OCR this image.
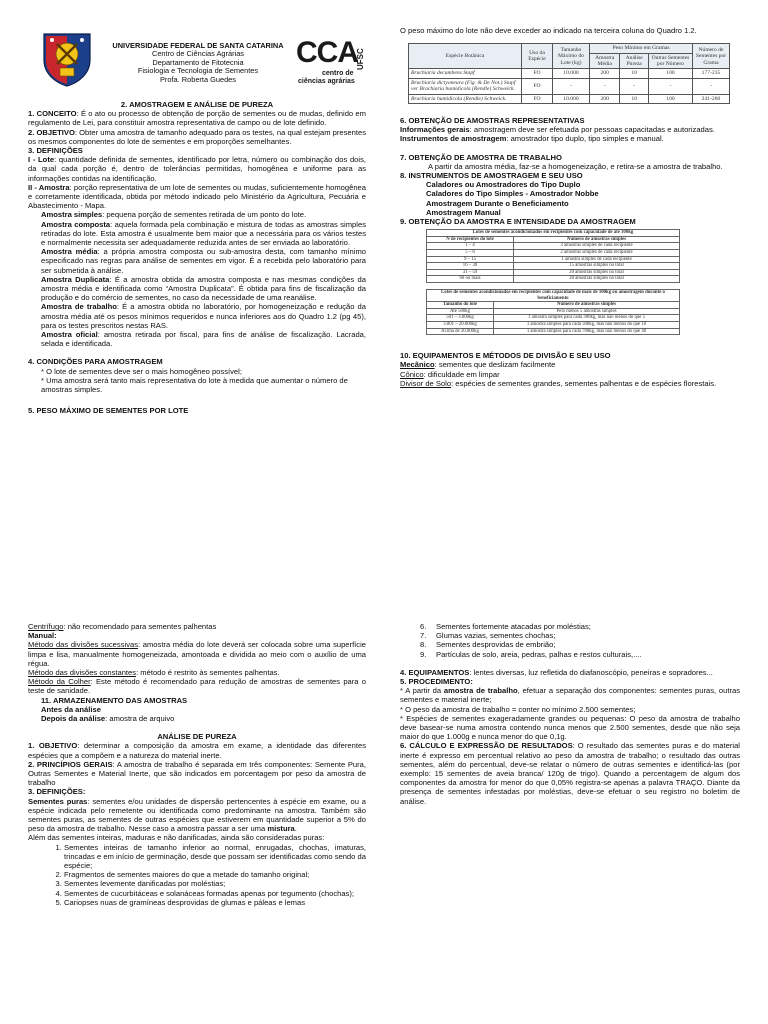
UNIVERSIDADE FEDERAL DE SANTA CATARINA

Centro de Ciências Agrárias

Departamento de Fitotecnia

Fisiologia e Tecnologia de Sementes

Profa. Roberta Guedes

CCA
UFSC
centro de
ciências agrárias

2. AMOSTRAGEM E ANÁLISE DE PUREZA

1. CONCEITO: É o ato ou processo de obtenção de porção de sementes ou de mudas, definido em regulamento de Lei, para constituir amostra representativa de campo ou de lote definido.

2. OBJETIVO: Obter uma amostra de tamanho adequado para os testes, na qual estejam presentes os mesmos componentes do lote de sementes e em proporções semelhantes.

3. DEFINIÇÕES

I - Lote: quantidade definida de sementes, identificado por letra, número ou combinação dos dois, da qual cada porção é, dentro de tolerâncias permitidas, homogênea e uniforme para as informações contidas na identificação.

II - Amostra: porção representativa de um lote de sementes ou mudas, suficientemente homogênea e corretamente identificada, obtida por método indicado pelo Ministério da Agricultura, Pecuária e Abastecimento - Mapa.

Amostra simples: pequena porção de sementes retirada de um ponto do lote.

Amostra composta: aquela formada pela combinação e mistura de todas as amostras simples retiradas do lote. Esta amostra é usualmente bem maior que a necessária para os vários testes e normalmente necessita ser adequadamente reduzida antes de ser enviada ao laboratório.

Amostra média: a própria amostra composta ou sub-amostra desta, com tamanho mínimo especificado nas regras para análise de sementes em vigor. É a recebida pelo laboratório para ser submetida à análise.

Amostra Duplicata: É a amostra obtida da amostra composta e nas mesmas condições da amostra média e identificada como “Amostra Duplicata”. É obtida para fins de fiscalização da produção e do comércio de sementes, no caso da necessidade de uma reanálise.

Amostra de trabalho: É a amostra obtida no laboratório, por homogeneização e redução da amostra média até os pesos mínimos requeridos e nunca inferiores aos do Quadro 1.2 (pg 45), para os testes prescritos nestas RAS.

Amostra oficial: amostra retirada por fiscal, para fins de análise de fiscalização. Lacrada, selada e identificada.

4. CONDIÇÕES PARA AMOSTRAGEM

* O lote de sementes deve ser o mais homogêneo possível;

* Uma amostra será tanto mais representativa do lote à medida que aumentar o número de amostras simples.

5. PESO MÁXIMO DE SEMENTES POR LOTE

O peso máximo do lote não deve exceder ao indicado na terceira coluna do Quadro 1.2.

Espécie Botânica	Uso da Espécie	Tamanho Máximo do Lote (kg)	Peso Mínimo em Gramas			Número de Sementes por Grama
			Amostra Média	Análise Pureza	Outras Sementes por Número	
Brachiaria decumbens Stapf	FO	10.000	200	10	100	177-235
Brachiaria dictyoneura (Fig. & De Not.) Stapf ver Brachiaria humidicola (Rendle) Schweick.	FO	-	-	-	-	-
Brachiaria humidicola (Rendle) Schweick.	FO	10.000	200	10	100	241-280

6. OBTENÇÃO DE AMOSTRAS REPRESENTATIVAS

Informações gerais: amostragem deve ser efetuada por pessoas capacitadas e autorizadas.

Instrumentos de amostragem: amostrador tipo duplo, tipo simples e manual.

7. OBTENÇÃO DE AMOSTRA DE TRABALHO

A partir da amostra média, faz-se a homogeneização, e retira-se a amostra de trabalho.

8. INSTRUMENTOS DE AMOSTRAGEM E SEU USO

Caladores ou Amostradores do Tipo Duplo

Caladores do Tipo Simples - Amostrador Nobbe

Amostragem Durante o Beneficiamento

Amostragem Manual

9. OBTENÇÃO DA AMOSTRA E INTENSIDADE DA AMOSTRAGEM

Lotes de sementes acondicionados em recipientes com capacidade de até 100kg	
N de recipientes do lote	Número de amostras simples
1 – 4	3 amostras simples de cada recipiente
5 – 8	2 amostras simples de cada recipiente
9 – 15	1 amostra simples de cada recipiente
16 – 30	15 amostras simples no total
31 – 59	20 amostras simples no total
60 ou mais	30 amostras simples no total
Lotes de sementes acondicionados em recipientes com capacidade de mais de 100kg ou amostragem durante o beneficiamento	
Tamanho do lote	Número de amostras simples
Até 500kg	Pelo menos 5 amostras simples
501 – 3.000kg	1 amostra simples para cada 300kg, mas não menos do que 5
3.001 – 20.000kg	1 amostra simples para cada 500kg, mas não menos do que 10
Acima de 20.000kg	1 amostra simples para cada 700kg, mas não menos do que 40

10. EQUIPAMENTOS E MÉTODOS DE DIVISÃO E SEU USO

Mecânico: sementes que deslizam facilmente

Cônico: dificuldade em limpar

Divisor de Solo: espécies de sementes grandes, sementes palhentas e de espécies florestais.

Centrífugo: não recomendado para sementes palhentas

Manual:

Método das divisões sucessivas: amostra média do lote deverá ser colocada sobre uma superfície limpa e lisa, manualmente homogeneizada, amontoada e dividida ao meio com o auxílio de uma régua.

Método das divisões constantes: método é restrito às sementes palhentas.

Método da Colher: Este método é recomendado para redução de amostras de sementes para o teste de sanidade.

11. ARMAZENAMENTO DAS AMOSTRAS

Antes da análise

Depois da análise: amostra de arquivo

ANÁLISE DE PUREZA

1. OBJETIVO: determinar a composição da amostra em exame, a identidade das diferentes espécies que a compõem e a natureza do material inerte.

2. PRINCÍPIOS GERAIS: A amostra de trabalho é separada em três componentes: Semente Pura, Outras Sementes e Material Inerte, que são indicados em porcentagem por peso da amostra de trabalho

3. DEFINIÇÕES:

Sementes puras: sementes e/ou unidades de dispersão pertencentes à espécie em exame, ou a espécie indicada pelo remetente ou identificada como predominante na amostra. Também são sementes puras, as sementes de outras espécies que estiverem em quantidade superior a 5% do peso da amostra de trabalho. Nesse caso a amostra passar a ser uma mistura.

Além das sementes inteiras, maduras e não danificadas, ainda são consideradas puras:

1. Sementes inteiras de tamanho inferior ao normal, enrugadas, chochas, imaturas, trincadas e em início de germinação, desde que possam ser identificadas como sendo da espécie;
2. Fragmentos de sementes maiores do que a metade do tamanho original;
3. Sementes levemente danificadas por moléstias;
4. Sementes de cucurbitáceas e solanáceas formadas apenas por tegumento (chochas);
5. Cariopses nuas de gramíneas desprovidas de glumas e páleas e lemas

6. Sementes fortemente atacadas por moléstias;

7. Glumas vazias, sementes chochas;

8. Sementes desprovidas de embrião;

9. Partículas de solo, areia, pedras, palhas e restos culturais,....

4. EQUIPAMENTOS: lentes diversas, luz refletida do diafanoscópio, peneiras e sopradores...

5. PROCEDIMENTO:

* A partir da amostra de trabalho, efetuar a separação dos componentes: sementes puras, outras sementes e material inerte;

* O peso da amostra de trabalho = conter no mínimo 2.500 sementes;

* Espécies de sementes exageradamente grandes ou pequenas: O peso da amostra de trabalho deve basear-se numa amostra contendo nunca menos que 2.500 sementes, desde que não seja maior do que 1.000g e nunca menor do que 0,1g.

6. CÁLCULO E EXPRESSÃO DE RESULTADOS: O resultado das sementes puras e do material inerte é expresso em percentual relativo ao peso da amostra de trabalho; o resultado das outras sementes, além do percentual, deve-se relatar o número de outras sementes e identificá-las (por exemplo: 15 sementes de aveia branca/ 120g de trigo). Quando a percentagem de algum dos componentes da amostra for menor do que 0,05% registra-se apenas a palavra TRAÇO. Diante da presença de sementes infestadas por moléstias, deve-se efetuar o seu registro no boletim de análise.
